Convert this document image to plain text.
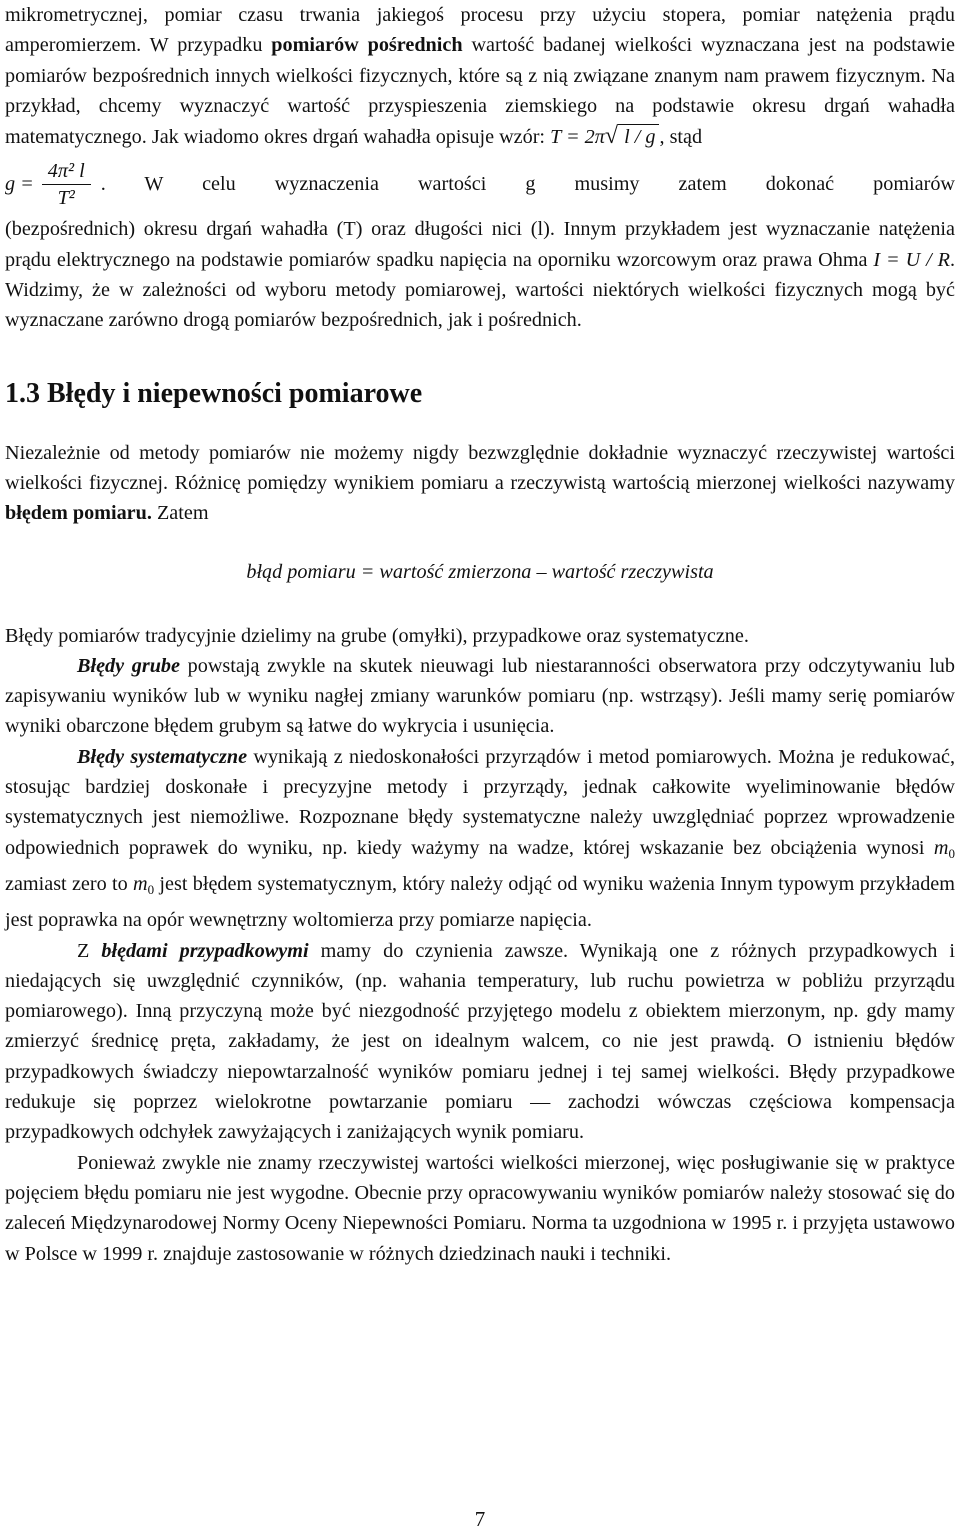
mikrometrycznej, pomiar czasu trwania jakiegoś procesu przy użyciu stopera, pomiar natężenia prądu amperomierzem. W przypadku pomiarów pośrednich wartość badanej wielkości wyznaczana jest na podstawie pomiarów bezpośrednich innych wielkości fizycznych, które są z nią związane znanym nam prawem fizycznym. Na przykład, chcemy wyznaczyć wartość przyspieszenia ziemskiego na podstawie okresu drgań wahadła matematycznego. Jak wiadomo okres drgań wahadła opisuje wzór: T = 2π√ l / g , stąd

$g = \frac{\text{4π² l}}{\text{T²}}$ . W celu wyznaczenia wartości g musimy zatem dokonać pomiarów

(bezpośrednich) okresu drgań wahadła (T) oraz długości nici (l). Innym przykładem jest wyznaczanie natężenia prądu elektrycznego na podstawie pomiarów spadku napięcia na oporniku wzorcowym oraz prawa Ohma I = U / R. Widzimy, że w zależności od wyboru metody pomiarowej, wartości niektórych wielkości fizycznych mogą być wyznaczane zarówno drogą pomiarów bezpośrednich, jak i pośrednich.

1.3 Błędy i niepewności pomiarowe

Niezależnie od metody pomiarów nie możemy nigdy bezwzględnie dokładnie wyznaczyć rzeczywistej wartości wielkości fizycznej. Różnicę pomiędzy wynikiem pomiaru a rzeczywistą wartością mierzonej wielkości nazywamy błędem pomiaru. Zatem

błąd pomiaru = wartość zmierzona – wartość rzeczywista

Błędy pomiarów tradycyjnie dzielimy na grube (omyłki), przypadkowe oraz systematyczne.

Błędy grube powstają zwykle na skutek nieuwagi lub niestaranności obserwatora przy odczytywaniu lub zapisywaniu wyników lub w wyniku nagłej zmiany warunków pomiaru (np. wstrząsy). Jeśli mamy serię pomiarów wyniki obarczone błędem grubym są łatwe do wykrycia i usunięcia.

Błędy systematyczne wynikają z niedoskonałości przyrządów i metod pomiarowych. Można je redukować, stosując bardziej doskonałe i precyzyjne metody i przyrządy, jednak całkowite wyeliminowanie błędów systematycznych jest niemożliwe. Rozpoznane błędy systematyczne należy uwzględniać poprzez wprowadzenie odpowiednich poprawek do wyniku, np. kiedy ważymy na wadze, której wskazanie bez obciążenia wynosi $m_0$ zamiast zero to $m_0$ jest błędem systematycznym, który należy odjąć od wyniku ważenia Innym typowym przykładem jest poprawka na opór wewnętrzny woltomierza przy pomiarze napięcia.

Z błędami przypadkowymi mamy do czynienia zawsze. Wynikają one z różnych przypadkowych i niedających się uwzględnić czynników, (np. wahania temperatury, lub ruchu powietrza w pobliżu przyrządu pomiarowego). Inną przyczyną może być niezgodność przyjętego modelu z obiektem mierzonym, np. gdy mamy zmierzyć średnicę pręta, zakładamy, że jest on idealnym walcem, co nie jest prawdą. O istnieniu błędów przypadkowych świadczy niepowtarzalność wyników pomiaru jednej i tej samej wielkości. Błędy przypadkowe redukuje się poprzez wielokrotne powtarzanie pomiaru — zachodzi wówczas częściowa kompensacja przypadkowych odchyłek zawyżających i zaniżających wynik pomiaru.

Ponieważ zwykle nie znamy rzeczywistej wartości wielkości mierzonej, więc posługiwanie się w praktyce pojęciem błędu pomiaru nie jest wygodne. Obecnie przy opracowywaniu wyników pomiarów należy stosować się do zaleceń Międzynarodowej Normy Oceny Niepewności Pomiaru. Norma ta uzgodniona w 1995 r. i przyjęta ustawowo w Polsce w 1999 r. znajduje zastosowanie w różnych dziedzinach nauki i techniki.

7
